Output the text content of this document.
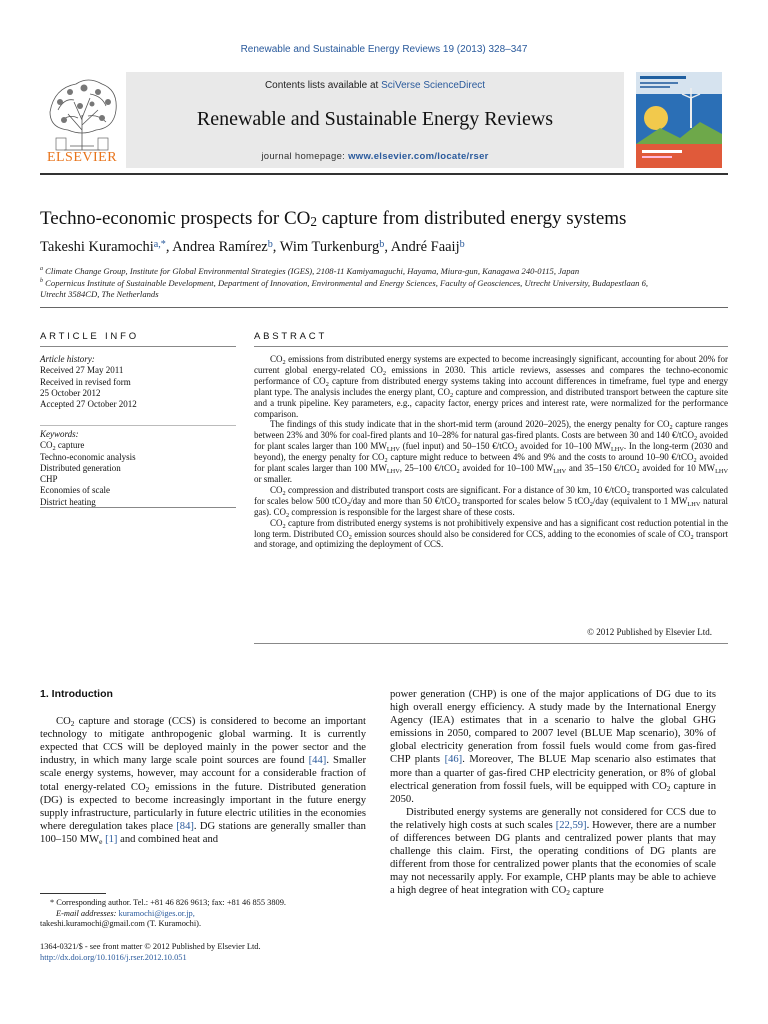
Renewable and Sustainable Energy Reviews 19 (2013) 328–347
ELSEVIER
Contents lists available at SciVerse ScienceDirect
Renewable and Sustainable Energy Reviews
journal homepage: www.elsevier.com/locate/rser
Techno-economic prospects for $CO_2$ capture from distributed energy systems
Takeshi Kuramochi$^{a,*}$, Andrea Ramírez$^b$, Wim Turkenburg$^b$, André Faaij$^b$
$^a$ Climate Change Group, Institute for Global Environmental Strategies (IGES), 2108-11 Kamiyamaguchi, Hayama, Miura-gun, Kanagawa 240-0115, Japan
$^b$ Copernicus Institute of Sustainable Development, Department of Innovation, Environmental and Energy Sciences, Faculty of Geosciences, Utrecht University, Budapestlaan 6,
Utrecht 3584CD, The Netherlands
ARTICLE INFO
Article history:
Received 27 May 2011
Received in revised form
25 October 2012
Accepted 27 October 2012
Keywords:
$CO_2$ capture
Techno-economic analysis
Distributed generation
CHP
Economies of scale
District heating
ABSTRACT

$CO_2$ emissions from distributed energy systems are expected to become increasingly significant, accounting for about 20% for current global energy-related $CO_2$ emissions in 2030. This article reviews, assesses and compares the techno-economic performance of $CO_2$ capture from distributed energy systems taking into account differences in timeframe, fuel type and energy plant type. The analysis includes the energy plant, $CO_2$ capture and compression, and distributed transport between the capture site and a trunk pipeline. Key parameters, e.g., capacity factor, energy prices and interest rate, were normalized for the performance comparison.

The findings of this study indicate that in the short-mid term (around 2020–2025), the energy penalty for $CO_2$ capture ranges between 23% and 30% for coal-fired plants and 10–28% for natural gas-fired plants. Costs are between 30 and 140 €/tCO$_2$ avoided for plant scales larger than 100 $MW_{LHV}$ (fuel input) and 50–150 €/tCO$_2$ avoided for 10–100 $MW_{LHV}$. In the long-term (2030 and beyond), the energy penalty for $CO_2$ capture might reduce to between 4% and 9% and the costs to around 10–90 €/tCO$_2$ avoided for plant scales larger than 100 $MW_{LHV}$, 25–100 €/tCO$_2$ avoided for 10–100 $MW_{LHV}$ and 35–150 €/tCO$_2$ avoided for 10 $MW_{LHV}$ or smaller.

$CO_2$ compression and distributed transport costs are significant. For a distance of 30 km, 10 €/tCO$_2$ transported was calculated for scales below 500 tCO$_2$/day and more than 50 €/tCO$_2$ transported for scales below 5 tCO$_2$/day (equivalent to 1 $MW_{LHV}$ natural gas). $CO_2$ compression is responsible for the largest share of these costs.

$CO_2$ capture from distributed energy systems is not prohibitively expensive and has a significant cost reduction potential in the long term. Distributed $CO_2$ emission sources should also be considered for CCS, adding to the economies of scale of $CO_2$ transport and storage, and optimizing the deployment of CCS.

© 2012 Published by Elsevier Ltd.

1. Introduction

$CO_2$ capture and storage (CCS) is considered to become an important technology to mitigate anthropogenic global warming. It is currently expected that CCS will be deployed mainly in the power sector and the industry, in which many large scale point sources are found [44]. Smaller scale energy systems, however, may account for a considerable fraction of total energy-related $CO_2$ emissions in the future. Distributed generation (DG) is expected to become increasingly important in the future energy supply infrastructure, particularly in future electric utilities in the economies where deregulation takes place [84]. DG stations are generally smaller than 100–150 $MW_e$ [1] and combined heat and

* Corresponding author. Tel.: +81 46 826 9613; fax: +81 46 855 3809.
E-mail addresses: kuramochi@iges.or.jp,
takeshi.kuramochi@gmail.com (T. Kuramochi).
1364-0321/$ - see front matter © 2012 Published by Elsevier Ltd.
http://dx.doi.org/10.1016/j.rser.2012.10.051

power generation (CHP) is one of the major applications of DG due to its high overall energy efficiency. A study made by the International Energy Agency (IEA) estimates that in a scenario to halve the global GHG emissions in 2050, compared to 2007 level (BLUE Map scenario), 30% of global electricity generation from fossil fuels would come from gas-fired CHP plants [46]. Moreover, The BLUE Map scenario also estimates that more than a quarter of gas-fired CHP electricity generation, or 8% of global electrical generation from fossil fuels, will be equipped with $CO_2$ capture in 2050.

Distributed energy systems are generally not considered for CCS due to the relatively high costs at such scales [22,59]. However, there are a number of differences between DG plants and centralized power plants that may challenge this claim. First, the operating conditions of DG plants are different from those for centralized power plants that the economies of scale may not necessarily apply. For example, CHP plants may be able to achieve a high degree of heat integration with $CO_2$ capture
